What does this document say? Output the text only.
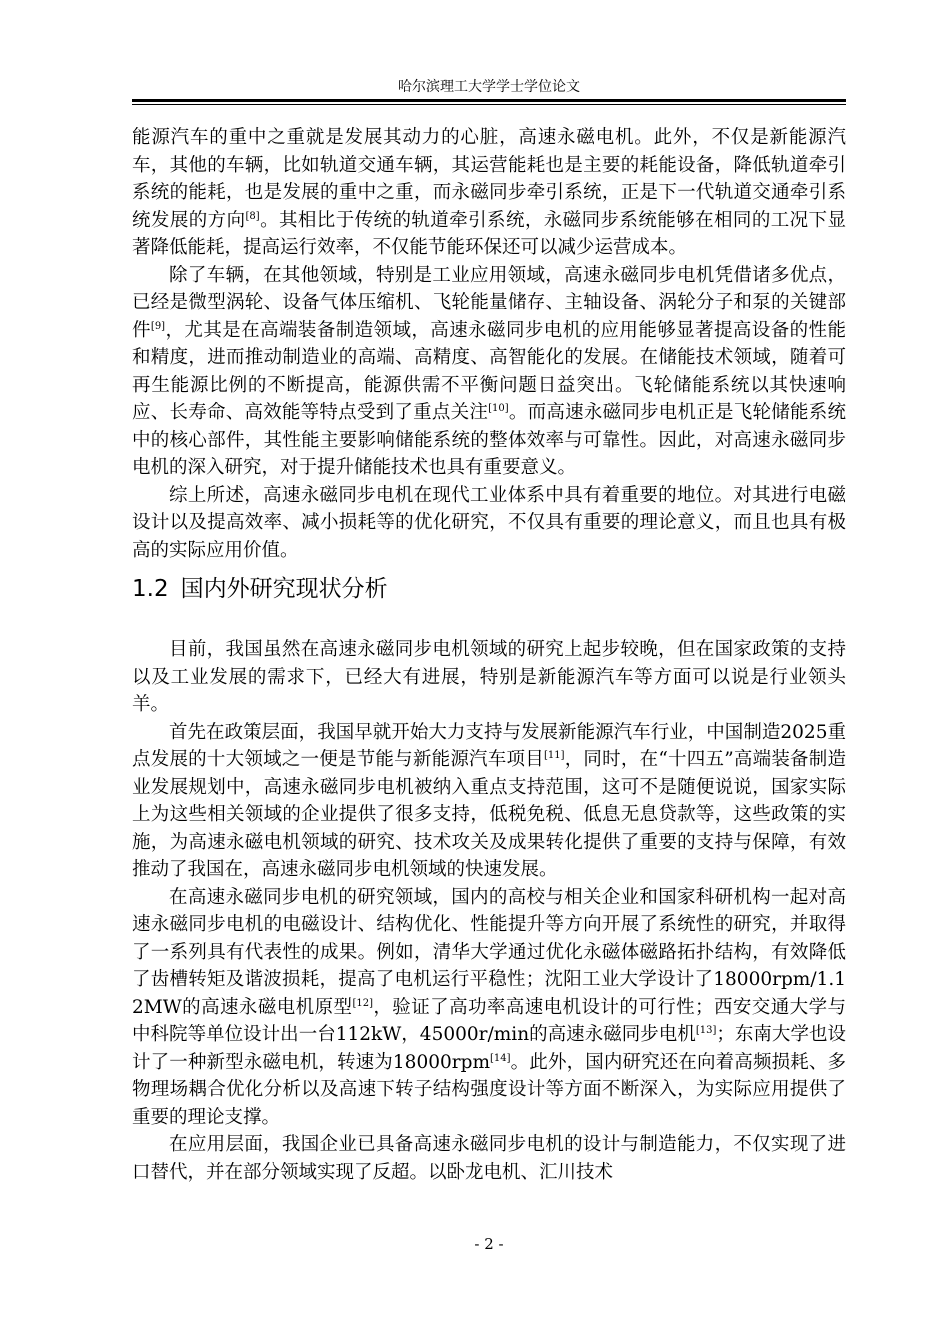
哈尔滨理工大学学士学位论文

能源汽车的重中之重就是发展其动力的心脏，高速永磁电机。此外，不仅是新能源汽车，其他的车辆，比如轨道交通车辆，其运营能耗也是主要的耗能设备，降低轨道牵引系统的能耗，也是发展的重中之重，而永磁同步牵引系统，正是下一代轨道交通牵引系统发展的方向[8]。其相比于传统的轨道牵引系统，永磁同步系统能够在相同的工况下显著降低能耗，提高运行效率，不仅能节能环保还可以减少运营成本。

除了车辆，在其他领域，特别是工业应用领域，高速永磁同步电机凭借诸多优点，已经是微型涡轮、设备气体压缩机、飞轮能量储存、主轴设备、涡轮分子和泵的关键部件[9]，尤其是在高端装备制造领域，高速永磁同步电机的应用能够显著提高设备的性能和精度，进而推动制造业的高端、高精度、高智能化的发展。在储能技术领域，随着可再生能源比例的不断提高，能源供需不平衡问题日益突出。飞轮储能系统以其快速响应、长寿命、高效能等特点受到了重点关注[10]。而高速永磁同步电机正是飞轮储能系统中的核心部件，其性能主要影响储能系统的整体效率与可靠性。因此，对高速永磁同步电机的深入研究，对于提升储能技术也具有重要意义。

综上所述，高速永磁同步电机在现代工业体系中具有着重要的地位。对其进行电磁设计以及提高效率、减小损耗等的优化研究，不仅具有重要的理论意义，而且也具有极高的实际应用价值。

1.2 国内外研究现状分析

目前，我国虽然在高速永磁同步电机领域的研究上起步较晚，但在国家政策的支持以及工业发展的需求下，已经大有进展，特别是新能源汽车等方面可以说是行业领头羊。

首先在政策层面，我国早就开始大力支持与发展新能源汽车行业，中国制造2025重点发展的十大领域之一便是节能与新能源汽车项目[11]，同时，在“十四五”高端装备制造业发展规划中，高速永磁同步电机被纳入重点支持范围，这可不是随便说说，国家实际上为这些相关领域的企业提供了很多支持，低税免税、低息无息贷款等，这些政策的实施，为高速永磁电机领域的研究、技术攻关及成果转化提供了重要的支持与保障，有效推动了我国在，高速永磁同步电机领域的快速发展。

在高速永磁同步电机的研究领域，国内的高校与相关企业和国家科研机构一起对高速永磁同步电机的电磁设计、结构优化、性能提升等方向开展了系统性的研究，并取得了一系列具有代表性的成果。例如，清华大学通过优化永磁体磁路拓扑结构，有效降低了齿槽转矩及谐波损耗，提高了电机运行平稳性；沈阳工业大学设计了18000rpm/1.12MW的高速永磁电机原型[12]，验证了高功率高速电机设计的可行性；西安交通大学与中科院等单位设计出一台112kW，45000r/min的高速永磁同步电机[13]；东南大学也设计了一种新型永磁电机，转速为18000rpm[14]。此外，国内研究还在向着高频损耗、多物理场耦合优化分析以及高速下转子结构强度设计等方面不断深入，为实际应用提供了重要的理论支撑。

在应用层面，我国企业已具备高速永磁同步电机的设计与制造能力，不仅实现了进口替代，并在部分领域实现了反超。以卧龙电机、汇川技术

- 2 -
